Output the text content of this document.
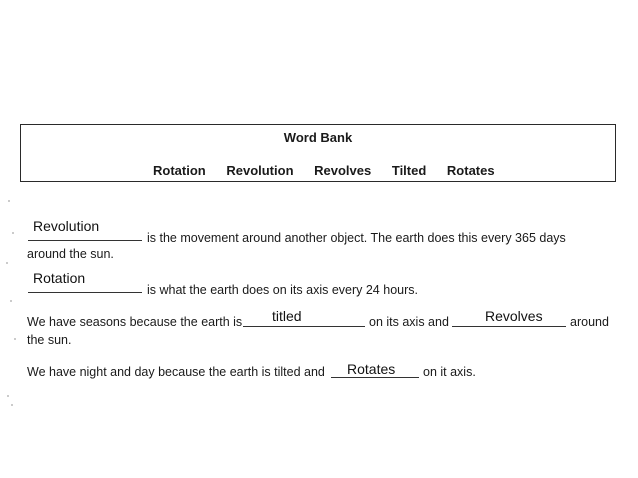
Word Bank
Rotation Revolution Revolves Tilted Rotates
Revolution
is the movement around another object. The earth does this every 365 days
around the sun.
Rotation
is what the earth does on its axis every 24 hours.
We have seasons because the earth is titled	on its axis and	Revolves around
the sun.
We have night and day because the earth is tilted and Rotates on it axis.
